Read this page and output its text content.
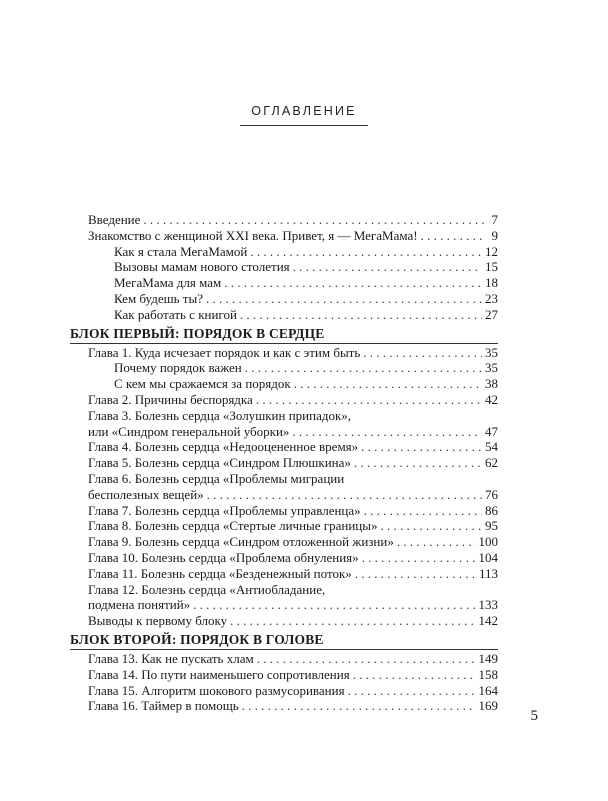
ОГЛАВЛЕНИЕ
Введение . . .	7
Знакомство с женщиной XXI века. Привет, я — МегаМама! . . .	9
Как я стала МегаМамой . . .	12
Вызовы мамам нового столетия . . .	15
МегаМама для мам . . .	18
Кем будешь ты? . . .	23
Как работать с книгой . . .	27
БЛОК ПЕРВЫЙ: ПОРЯДОК В СЕРДЦЕ
Глава 1. Куда исчезает порядок и как с этим быть . . .	35
Почему порядок важен . . .	35
С кем мы сражаемся за порядок . . .	38
Глава 2. Причины беспорядка . . .	42
Глава 3. Болезнь сердца «Золушкин припадок»,
или «Синдром генеральной уборки» . . .	47
Глава 4. Болезнь сердца «Недооцененное время» . . .	54
Глава 5. Болезнь сердца «Синдром Плюшкина» . . .	62
Глава 6. Болезнь сердца «Проблемы миграции
бесполезных вещей» . . .	76
Глава 7. Болезнь сердца «Проблемы управленца» . . .	86
Глава 8. Болезнь сердца «Стертые личные границы» . . .	95
Глава 9. Болезнь сердца «Синдром отложенной жизни» . . .	100
Глава 10. Болезнь сердца «Проблема обнуления» . . .	104
Глава 11. Болезнь сердца «Безденежный поток» . . .	113
Глава 12. Болезнь сердца «Антиобладание,
подмена понятий» . . .	133
Выводы к первому блоку . . .	142
БЛОК ВТОРОЙ: ПОРЯДОК В ГОЛОВЕ
Глава 13. Как не пускать хлам . . .	149
Глава 14. По пути наименьшего сопротивления . . .	158
Глава 15. Алгоритм шокового размусоривания . . .	164
Глава 16. Таймер в помощь . . .	169
5
